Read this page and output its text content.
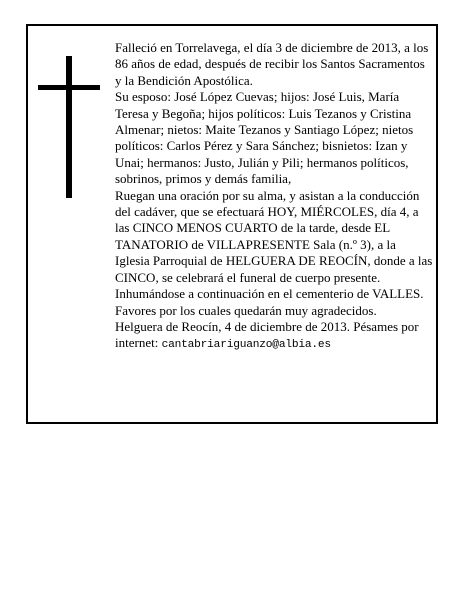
Falleció en Torrelavega, el día 3 de diciembre de 2013, a los 86 años de edad, después de recibir los Santos Sacramentos y la Bendición Apostólica.

Su esposo: José López Cuevas; hijos: José Luis, María Teresa y Begoña; hijos políticos: Luis Tezanos y Cristina Almenar; nietos: Maite Tezanos y Santiago López; nietos políticos: Carlos Pérez y Sara Sánchez; bisnietos: Izan y Unai; hermanos: Justo, Julián y Pili; hermanos políticos, sobrinos, primos y demás familia,

Ruegan una oración por su alma, y asistan a la conducción del cadáver, que se efectuará HOY, MIÉRCOLES, día 4, a las CINCO MENOS CUARTO de la tarde, desde EL TANATORIO de VILLAPRESENTE Sala (n.º 3), a la Iglesia Parroquial de HELGUERA DE REOCÍN, donde a las CINCO, se celebrará el funeral de cuerpo presente. Inhumándose a continuación en el cementerio de VALLES. Favores por los cuales quedarán muy agradecidos.

Helguera de Reocín, 4 de diciembre de 2013. Pésames por internet: cantabriariguanzo@albia.es
